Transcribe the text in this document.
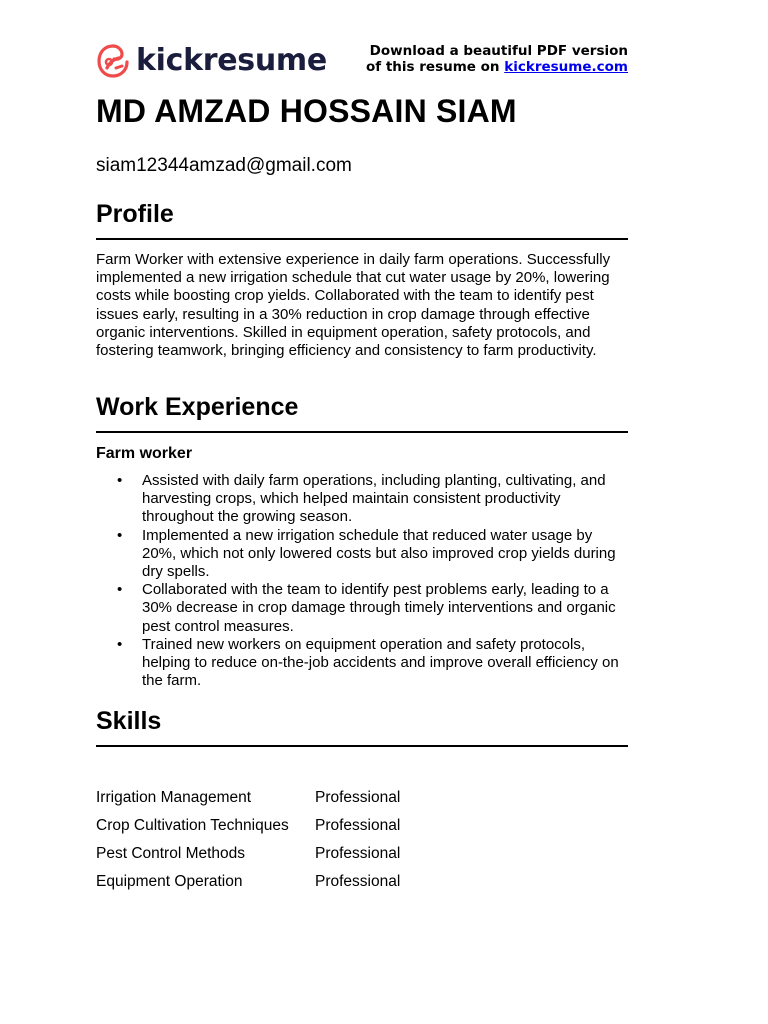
kickresume	Download a beautiful PDF version
of this resume on kickresume.com
MD AMZAD HOSSAIN SIAM
siam12344amzad@gmail.com
Profile

Farm Worker with extensive experience in daily farm operations. Successfully implemented a new irrigation schedule that cut water usage by 20%, lowering costs while boosting crop yields. Collaborated with the team to identify pest issues early, resulting in a 30% reduction in crop damage through effective organic interventions. Skilled in equipment operation, safety protocols, and fostering teamwork, bringing efficiency and consistency to farm productivity.

Work Experience

Farm worker

• Assisted with daily farm operations, including planting, cultivating, and harvesting crops, which helped maintain consistent productivity throughout the growing season.
• Implemented a new irrigation schedule that reduced water usage by 20%, which not only lowered costs but also improved crop yields during dry spells.
• Collaborated with the team to identify pest problems early, leading to a 30% decrease in crop damage through timely interventions and organic pest control measures.
• Trained new workers on equipment operation and safety protocols, helping to reduce on-the-job accidents and improve overall efficiency on the farm.
Skills
Irrigation Management	Professional
Crop Cultivation Techniques	Professional
Pest Control Methods	Professional
Equipment Operation	Professional
